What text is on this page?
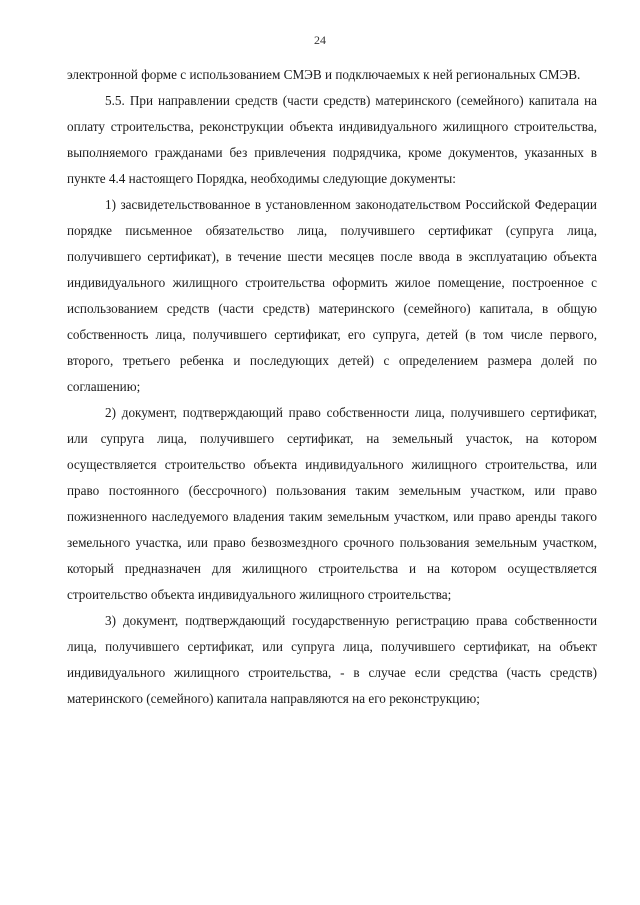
24

электронной форме с использованием СМЭВ и подключаемых к ней региональных СМЭВ.

5.5. При направлении средств (части средств) материнского (семейного) капитала на оплату строительства, реконструкции объекта индивидуального жилищного строительства, выполняемого гражданами без привлечения подрядчика, кроме документов, указанных в пункте 4.4 настоящего Порядка, необходимы следующие документы:

1) засвидетельствованное в установленном законодательством Российской Федерации порядке письменное обязательство лица, получившего сертификат (супруга лица, получившего сертификат), в течение шести месяцев после ввода в эксплуатацию объекта индивидуального жилищного строительства оформить жилое помещение, построенное с использованием средств (части средств) материнского (семейного) капитала, в общую собственность лица, получившего сертификат, его супруга, детей (в том числе первого, второго, третьего ребенка и последующих детей) с определением размера долей по соглашению;

2) документ, подтверждающий право собственности лица, получившего сертификат, или супруга лица, получившего сертификат, на земельный участок, на котором осуществляется строительство объекта индивидуального жилищного строительства, или право постоянного (бессрочного) пользования таким земельным участком, или право пожизненного наследуемого владения таким земельным участком, или право аренды такого земельного участка, или право безвозмездного срочного пользования земельным участком, который предназначен для жилищного строительства и на котором осуществляется строительство объекта индивидуального жилищного строительства;

3) документ, подтверждающий государственную регистрацию права собственности лица, получившего сертификат, или супруга лица, получившего сертификат, на объект индивидуального жилищного строительства, - в случае если средства (часть средств) материнского (семейного) капитала направляются на его реконструкцию;
